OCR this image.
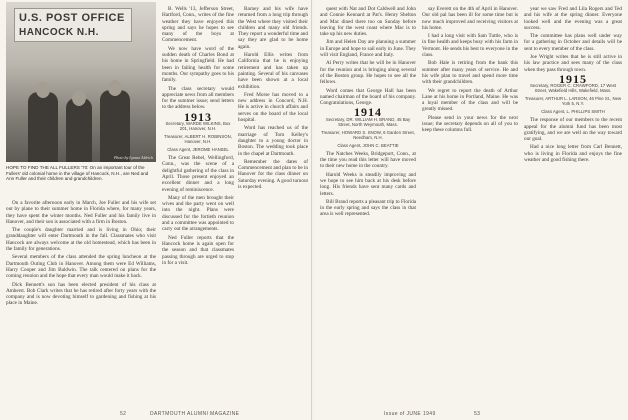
U.S. POST OFFICE
HANCOCK N.H.
Photo by Lyman Aldrich
HOPE TO FIND THE ALL FULLERS '70: On an important tour of the Fullers' old colonial home in the village of Hancock, N.H., are Ned and Ann Fuller and their children and grandchildren.

On a favorite afternoon early in March, Joe Fuller and his wife set out by plane to their summer home in Florida where, for many years, they have spent the winter months. Ned Fuller and his family live in Hanover, and their son is associated with a firm in Boston.

The couple's daughter married and is living in Ohio; their granddaughter will enter Dartmouth in the fall. Classmates who visit Hancock are always welcome at the old homestead, which has been in the family for generations.

Several members of the class attended the spring luncheon at the Dartmouth Outing Club in Hanover. Among them were Ed Williams, Harry Cooper and Jim Baldwin. The talk centered on plans for the coming reunion and the hope that every man would make it back.

Dick Bennett's son has been elected president of his class at Amherst. Bob Clark writes that he has retired after forty years with the company and is now devoting himself to gardening and fishing at his place in Maine.

B. Wells '13, Jefferson Street, Hartford, Conn., writes of the fine weather they have enjoyed this spring and says he hopes to see many of the boys at Commencement.

We now have word of the sudden death of Charles Bond at his home in Springfield. He had been in failing health for some months. Our sympathy goes to his family.

The class secretary would appreciate news from all members for the summer issue; send letters to the address below.

1913
Secretary, WARDE WILKINS, Box 201, Hanover, N.H.
Treasurer, ALBERT H. ROBINSON, Hanover, N.H.
Class Agent, JEROME HANSEL

The Great Rebel, Wellingford, Conn., was the scene of a delightful gathering of the class in April. Those present enjoyed an excellent dinner and a long evening of reminiscence.

Many of the men brought their wives and the party went on well into the night. Plans were discussed for the fortieth reunion and a committee was appointed to carry out the arrangements.

Ned Fuller reports that the Hancock home is again open for the season and that classmates passing through are urged to stop in for a visit.

Barney and his wife have returned from a long trip through the West where they visited their children and many old friends. They report a wonderful time and say they are glad to be home again.

Harold Ellis writes from California that he is enjoying retirement and has taken up painting. Several of his canvases have been shown at a local exhibition.

Fred Morse has moved to a new address in Concord, N.H. He is active in church affairs and serves on the board of the local hospital.

Word has reached us of the marriage of Tom Kelley's daughter to a young doctor in Boston. The wedding took place in the chapel at Dartmouth.

Remember the dates of Commencement and plan to be in Hanover for the class dinner on Saturday evening. A good turnout is expected.

52	DARTMOUTH ALUMNI MAGAZINE

quest with Nat and Dot Caldwell and John and Connie Kennard at Pat's. Henry Shelton and Mac dined there too on Sunday before leaving for the west coast where Mac is to take up his new duties.

Jim and Helen Day are planning a summer in Europe and hope to sail early in June. They will visit England, France and Italy.

Al Perry writes that he will be in Hanover for the reunion and is bringing along several of the Boston group. He hopes to see all the fellows.

Word comes that George Hall has been named chairman of the board of his company. Congratulations, George.

1914
Secretary, DR. WILLIAM H. BRAND, 45 Bay Street, North Weymouth, Mass.
Treasurer, HOWARD S. SNOW, 6 Garden Street, Needham, N.H.
Class Agent, JOHN C. BEATTIE

The Natches Weeks, Bridgeport, Conn., at the time you read this letter will have moved to their new home in the country.

Harold Weeks is steadily improving and we hope to see him back at his desk before long. His friends have sent many cards and letters.

Bill Brand reports a pleasant trip to Florida in the early spring and says the class in that area is well represented.

say Everett on the 4th of April in Hanover. Our old pal has been ill for some time but is now much improved and receiving visitors at his home.

I had a long visit with Sam Tuttle, who is in fine health and keeps busy with his farm in Vermont. He sends his best to everyone in the class.

Bob Hale is retiring from the bank this summer after many years of service. He and his wife plan to travel and spend more time with their grandchildren.

We regret to report the death of Arthur Lane at his home in Portland, Maine. He was a loyal member of the class and will be greatly missed.

Please send in your news for the next issue; the secretary depends on all of you to keep these columns full.

year we saw Fred and Lila Rogers and Ted and his wife at the spring dinner. Everyone looked well and the evening was a great success.

The committee has plans well under way for a gathering in October and details will be sent to every member of the class.

Joe Wright writes that he is still active in his law practice and sees many of the class when they pass through town.

1915
Secretary, ROGER C. CRAWFORD, 17 West Street, Wakefield Hills, Wakefield, Mass.
Treasurer, ARTHUR L. LARSON, 46 Pine St., New York 5, N.Y.
Class Agent, L. PHILLIPS SMITH

The response of our members to the recent appeal for the alumni fund has been most gratifying, and we are well on the way toward our goal.

Had a nice long letter from Carl Bennett, who is living in Florida and enjoys the fine weather and good fishing there.

Issue of JUNE 1949	53
